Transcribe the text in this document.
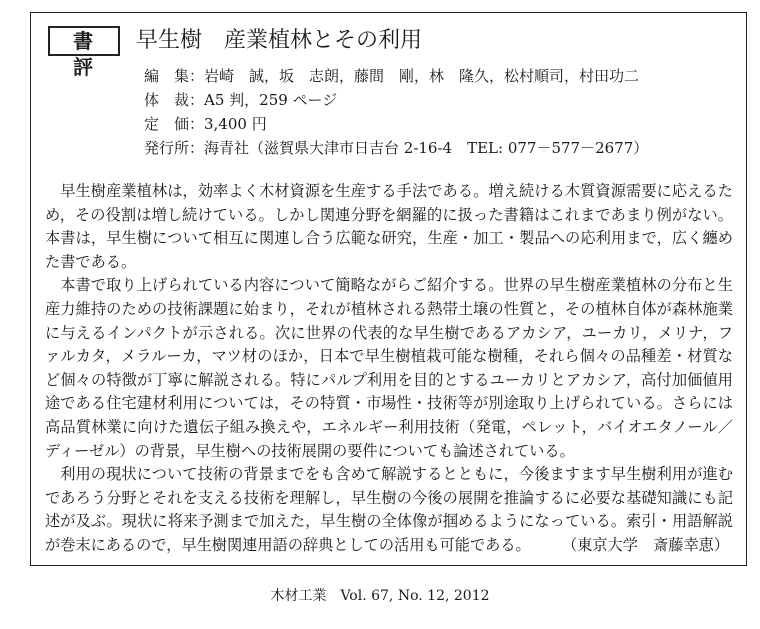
書 評
早生樹　産業植林とその利用
編　集：岩崎　誠，坂　志朗，藤間　剛，林　隆久，松村順司，村田功二
体　裁：A5 判，259 ページ
定　価：3,400 円
発行所：海青社（滋賀県大津市日吉台 2-16-4　TEL: 077－577－2677）

早生樹産業植林は，効率よく木材資源を生産する手法である。増え続ける木質資源需要に応えるため，その役割は増し続けている。しかし関連分野を網羅的に扱った書籍はこれまであまり例がない。本書は，早生樹について相互に関連し合う広範な研究，生産・加工・製品への応利用まで，広く纏めた書である。

本書で取り上げられている内容について簡略ながらご紹介する。世界の早生樹産業植林の分布と生産力維持のための技術課題に始まり，それが植林される熱帯土壌の性質と，その植林自体が森林施業に与えるインパクトが示される。次に世界の代表的な早生樹であるアカシア，ユーカリ，メリナ，ファルカタ，メラルーカ，マツ材のほか，日本で早生樹植栽可能な樹種，それら個々の品種差・材質など個々の特徴が丁寧に解説される。特にパルプ利用を目的とするユーカリとアカシア，高付加価値用途である住宅建材利用については，その特質・市場性・技術等が別途取り上げられている。さらには高品質林業に向けた遺伝子組み換えや，エネルギー利用技術（発電，ペレット，バイオエタノール／ディーゼル）の背景，早生樹への技術展開の要件についても論述されている。

利用の現状について技術の背景までをも含めて解説するとともに，今後ますます早生樹利用が進むであろう分野とそれを支える技術を理解し，早生樹の今後の展開を推論するに必要な基礎知識にも記述が及ぶ。現状に将来予測まで加えた，早生樹の全体像が掴めるようになっている。索引・用語解説が巻末にあるので，早生樹関連用語の辞典としての活用も可能である。	（東京大学　斎藤幸恵）

木材工業　Vol. 67, No. 12, 2012
